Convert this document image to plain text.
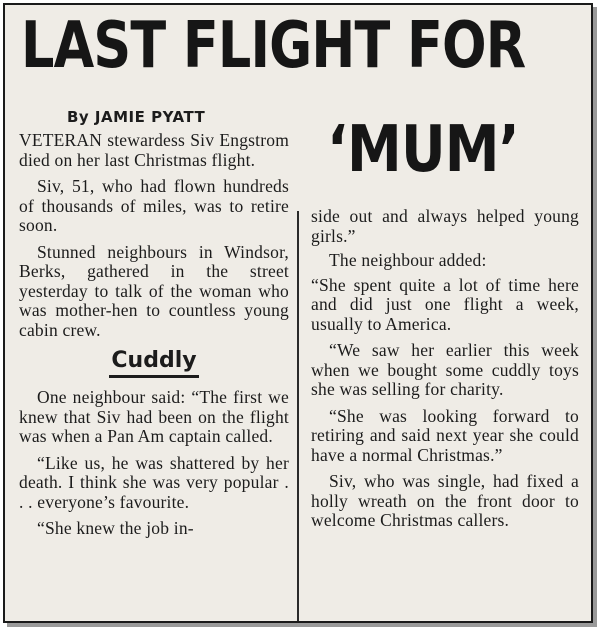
LAST FLIGHT FOR
‘MUM’
By JAMIE PYATT

VETERAN stewardess Siv Engstrom died on her last Christmas flight.

Siv, 51, who had flown hundreds of thousands of miles, was to retire soon.

Stunned neighbours in Windsor, Berks, gathered in the street yesterday to talk of the woman who was mother-hen to countless young cabin crew.

Cuddly

One neighbour said: “The first we knew that Siv had been on the flight was when a Pan Am captain called.

“Like us, he was shattered by her death. I think she was very popular . . . everyone’s favourite.

“She knew the job in-

side out and always helped young girls.”

The neighbour added:

“She spent quite a lot of time here and did just one flight a week, usually to America.

“We saw her earlier this week when we bought some cuddly toys she was selling for charity.

“She was looking forward to retiring and said next year she could have a normal Christmas.”

Siv, who was single, had fixed a holly wreath on the front door to welcome Christmas callers.
